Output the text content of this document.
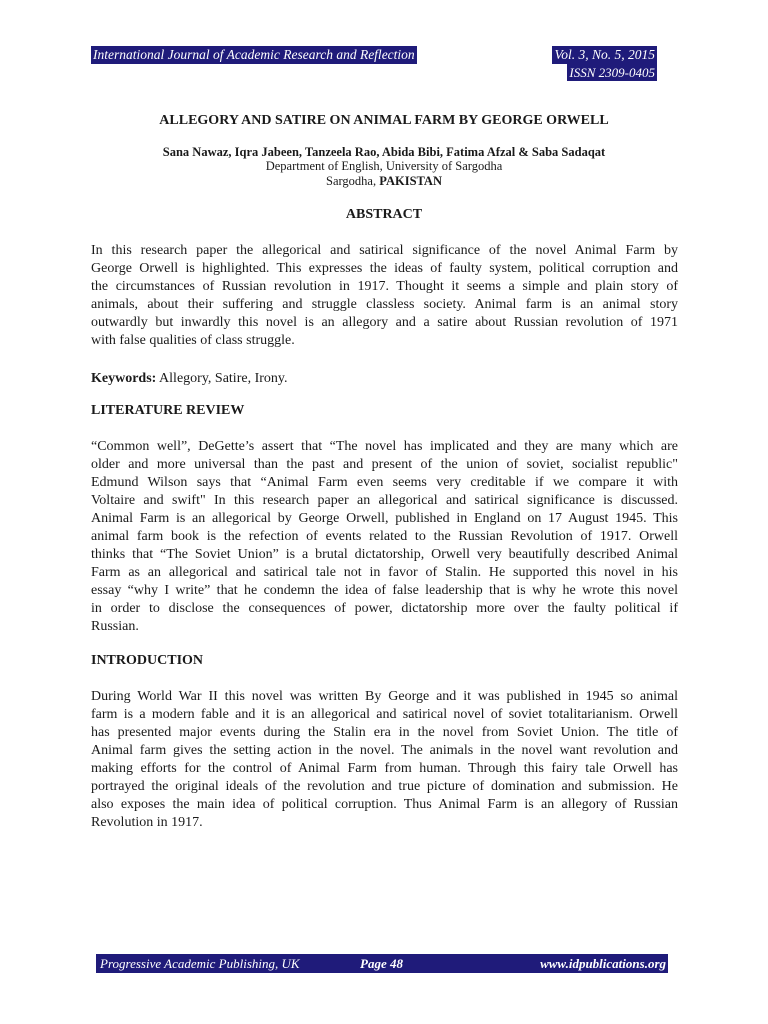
International Journal of Academic Research and Reflection	Vol. 3, No. 5, 2015
ISSN 2309-0405
ALLEGORY AND SATIRE ON ANIMAL FARM BY GEORGE ORWELL
Sana Nawaz, Iqra Jabeen, Tanzeela Rao, Abida Bibi, Fatima Afzal & Saba Sadaqat
Department of English, University of Sargodha
Sargodha, PAKISTAN
ABSTRACT
In this research paper the allegorical and satirical significance of the novel Animal Farm by
George Orwell is highlighted. This expresses the ideas of faulty system, political corruption and
the circumstances of Russian revolution in 1917. Thought it seems a simple and plain story of
animals, about their suffering and struggle classless society. Animal farm is an animal story
outwardly but inwardly this novel is an allegory and a satire about Russian revolution of 1971
with false qualities of class struggle.
Keywords: Allegory, Satire, Irony.
LITERATURE REVIEW
“Common well”, DeGette’s assert that “The novel has implicated and they are many which are
older and more universal than the past and present of the union of soviet, socialist republic"
Edmund Wilson says that “Animal Farm even seems very creditable if we compare it with
Voltaire and swift" In this research paper an allegorical and satirical significance is discussed.
Animal Farm is an allegorical by George Orwell, published in England on 17 August 1945. This
animal farm book is the refection of events related to the Russian Revolution of 1917. Orwell
thinks that “The Soviet Union” is a brutal dictatorship, Orwell very beautifully described Animal
Farm as an allegorical and satirical tale not in favor of Stalin. He supported this novel in his
essay “why I write” that he condemn the idea of false leadership that is why he wrote this novel
in order to disclose the consequences of power, dictatorship more over the faulty political if
Russian.
INTRODUCTION
During World War II this novel was written By George and it was published in 1945 so animal
farm is a modern fable and it is an allegorical and satirical novel of soviet totalitarianism. Orwell
has presented major events during the Stalin era in the novel from Soviet Union. The title of
Animal farm gives the setting action in the novel. The animals in the novel want revolution and
making efforts for the control of Animal Farm from human. Through this fairy tale Orwell has
portrayed the original ideals of the revolution and true picture of domination and submission. He
also exposes the main idea of political corruption. Thus Animal Farm is an allegory of Russian
Revolution in 1917.
Progressive Academic Publishing, UK	Page 48	www.idpublications.org
